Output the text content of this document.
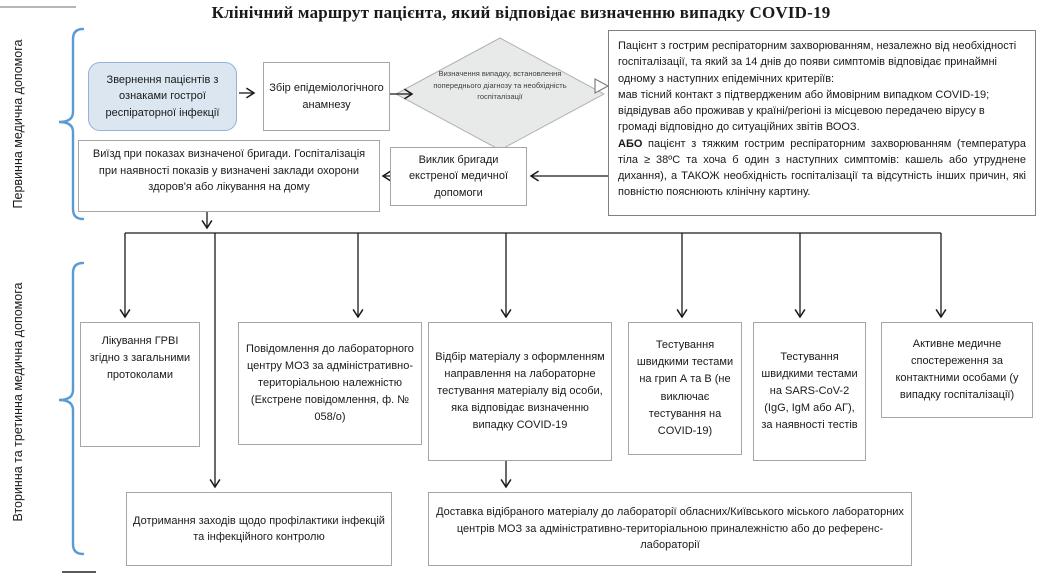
Клінічний маршрут пацієнта, який відповідає визначенню випадку COVID-19
Первинна медична допомога
Вторинна та третинна медична допомога
Звернення пацієнтів з ознаками гострої респіраторної інфекції
Збір епідеміологічного анамнезу
Визначення випадку, встановлення попереднього діагнозу та необхідність госпіталізації
Пацієнт з гострим респіраторним захворюванням, незалежно від необхідності госпіталізації, та який за 14 днів до появи симптомів відповідає принаймні одному з наступних епідемічних критеріїв:
мав тісний контакт з підтвердженим або ймовірним випадком COVID-19;
відвідував або проживав у країні/регіоні із місцевою передачею вірусу в громаді відповідно до ситуаційних звітів ВООЗ.
АБО пацієнт з тяжким гострим респіраторним захворюванням (температура тіла ≥ 38ºС та хоча б один з наступних симптомів: кашель або утруднене дихання), а ТАКОЖ необхідність госпіталізації та відсутність інших причин, які повністю пояснюють клінічну картину.
Виїзд при показах визначеної бригади. Госпіталізація при наявності показів у визначені заклади охорони здоров'я або лікування на дому
Виклик бригади екстреної медичної допомоги
Лікування ГРВІ згідно з загальними протоколами
Повідомлення до лабораторного центру МОЗ за адміністративно-територіальною належністю (Екстрене повідомлення, ф. № 058/о)
Відбір матеріалу з оформленням направлення на лабораторне тестування матеріалу від особи, яка відповідає визначенню випадку COVID-19
Тестування швидкими тестами на грип А та В (не виключає тестування на COVID-19)
Тестування швидкими тестами на SARS-CoV-2 (IgG, IgM або АГ), за наявності тестів
Активне медичне спостереження за контактними особами (у випадку госпіталізації)
Дотримання заходів щодо профілактики інфекцій та інфекційного контролю
Доставка відібраного матеріалу до лабораторії обласних/Київського міського лабораторних центрів МОЗ за адміністративно-територіальною приналежністю або до референс-лабораторії
